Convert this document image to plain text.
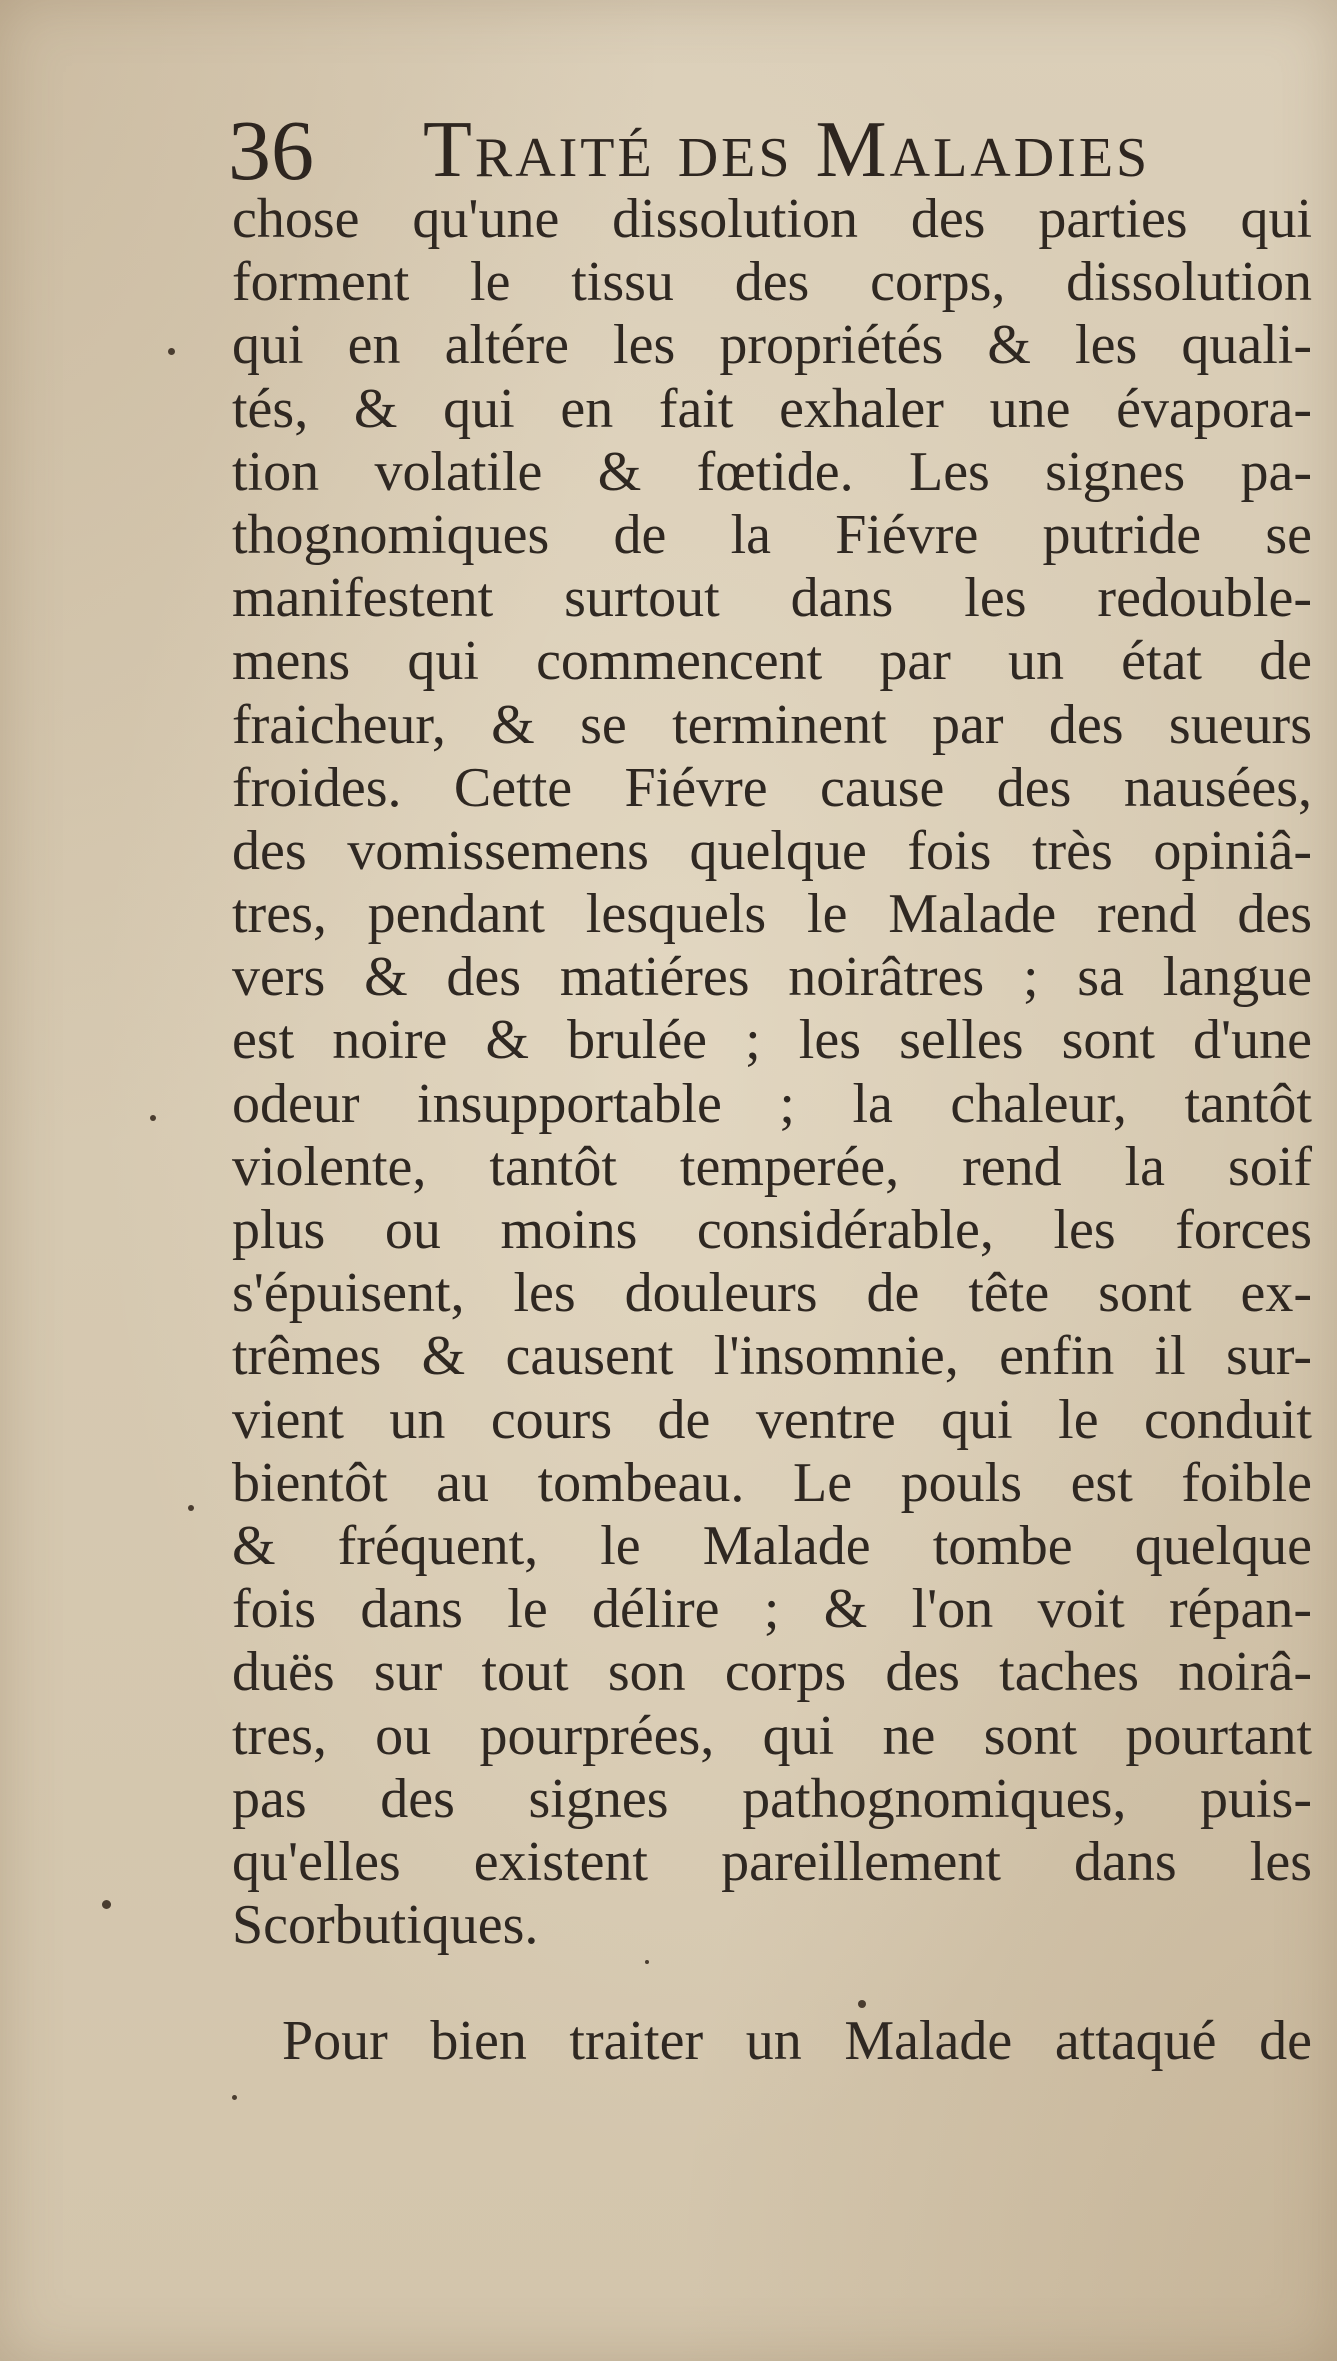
36 Traité des Maladies
chose qu'une dissolution des parties qui
forment le tissu des corps, dissolution
qui en altére les propriétés & les quali-
tés, & qui en fait exhaler une évapora-
tion volatile & fœtide. Les signes pa-
thognomiques de la Fiévre putride se
manifestent surtout dans les redouble-
mens qui commencent par un état de
fraicheur, & se terminent par des sueurs
froides. Cette Fiévre cause des nausées,
des vomissemens quelque fois très opiniâ-
tres, pendant lesquels le Malade rend des
vers & des matiéres noirâtres ; sa langue
est noire & brulée ; les selles sont d'une
odeur insupportable ; la chaleur, tantôt
violente, tantôt temperée, rend la soif
plus ou moins considérable, les forces
s'épuisent, les douleurs de tête sont ex-
trêmes & causent l'insomnie, enfin il sur-
vient un cours de ventre qui le conduit
bientôt au tombeau. Le pouls est foible
& fréquent, le Malade tombe quelque
fois dans le délire ; & l'on voit répan-
duës sur tout son corps des taches noirâ-
tres, ou pourprées, qui ne sont pourtant
pas des signes pathognomiques, puis-
qu'elles existent pareillement dans les
Scorbutiques.
Pour bien traiter un Malade attaqué de
